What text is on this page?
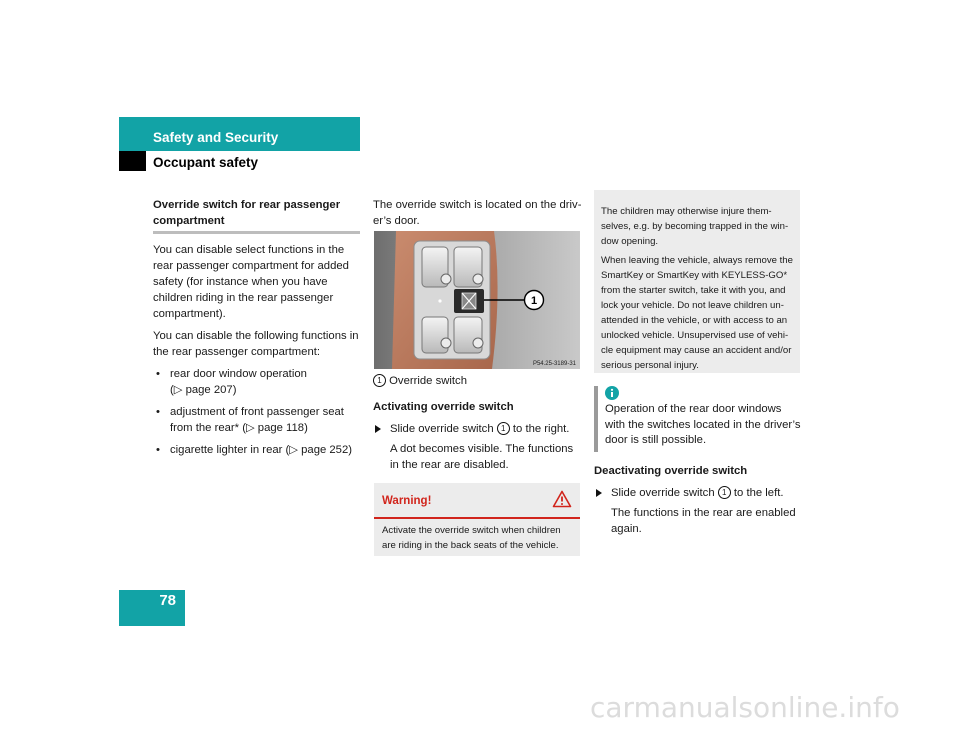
Safety and Security
Occupant safety
78
Override switch for rear passenger compartment

You can disable select functions in the rear passenger compartment for added safety (for instance when you have children riding in the rear passenger compartment).

You can disable the following functions in the rear passenger compartment:

• rear door window operation
(▷ page 207)
• adjustment of front passenger seat from the rear* (▷ page 118)
• cigarette lighter in rear (▷ page 252)

The override switch is located on the driv-er’s door.

1
P54.25-3189-31

1 Override switch

Activating override switch

Slide override switch 1 to the right.
A dot becomes visible. The functions in the rear are disabled.
Warning!
Activate the override switch when children are riding in the back seats of the vehicle.

The children may otherwise injure them-selves, e.g. by becoming trapped in the win-dow opening.

When leaving the vehicle, always remove the SmartKey or SmartKey with KEYLESS-GO* from the starter switch, take it with you, and lock your vehicle. Do not leave children un-attended in the vehicle, or with access to an unlocked vehicle. Unsupervised use of vehi-cle equipment may cause an accident and/or serious personal injury.

Operation of the rear door windows with the switches located in the driver’s door is still possible.

Deactivating override switch

Slide override switch 1 to the left.
The functions in the rear are enabled again.
carmanualsonline.info
